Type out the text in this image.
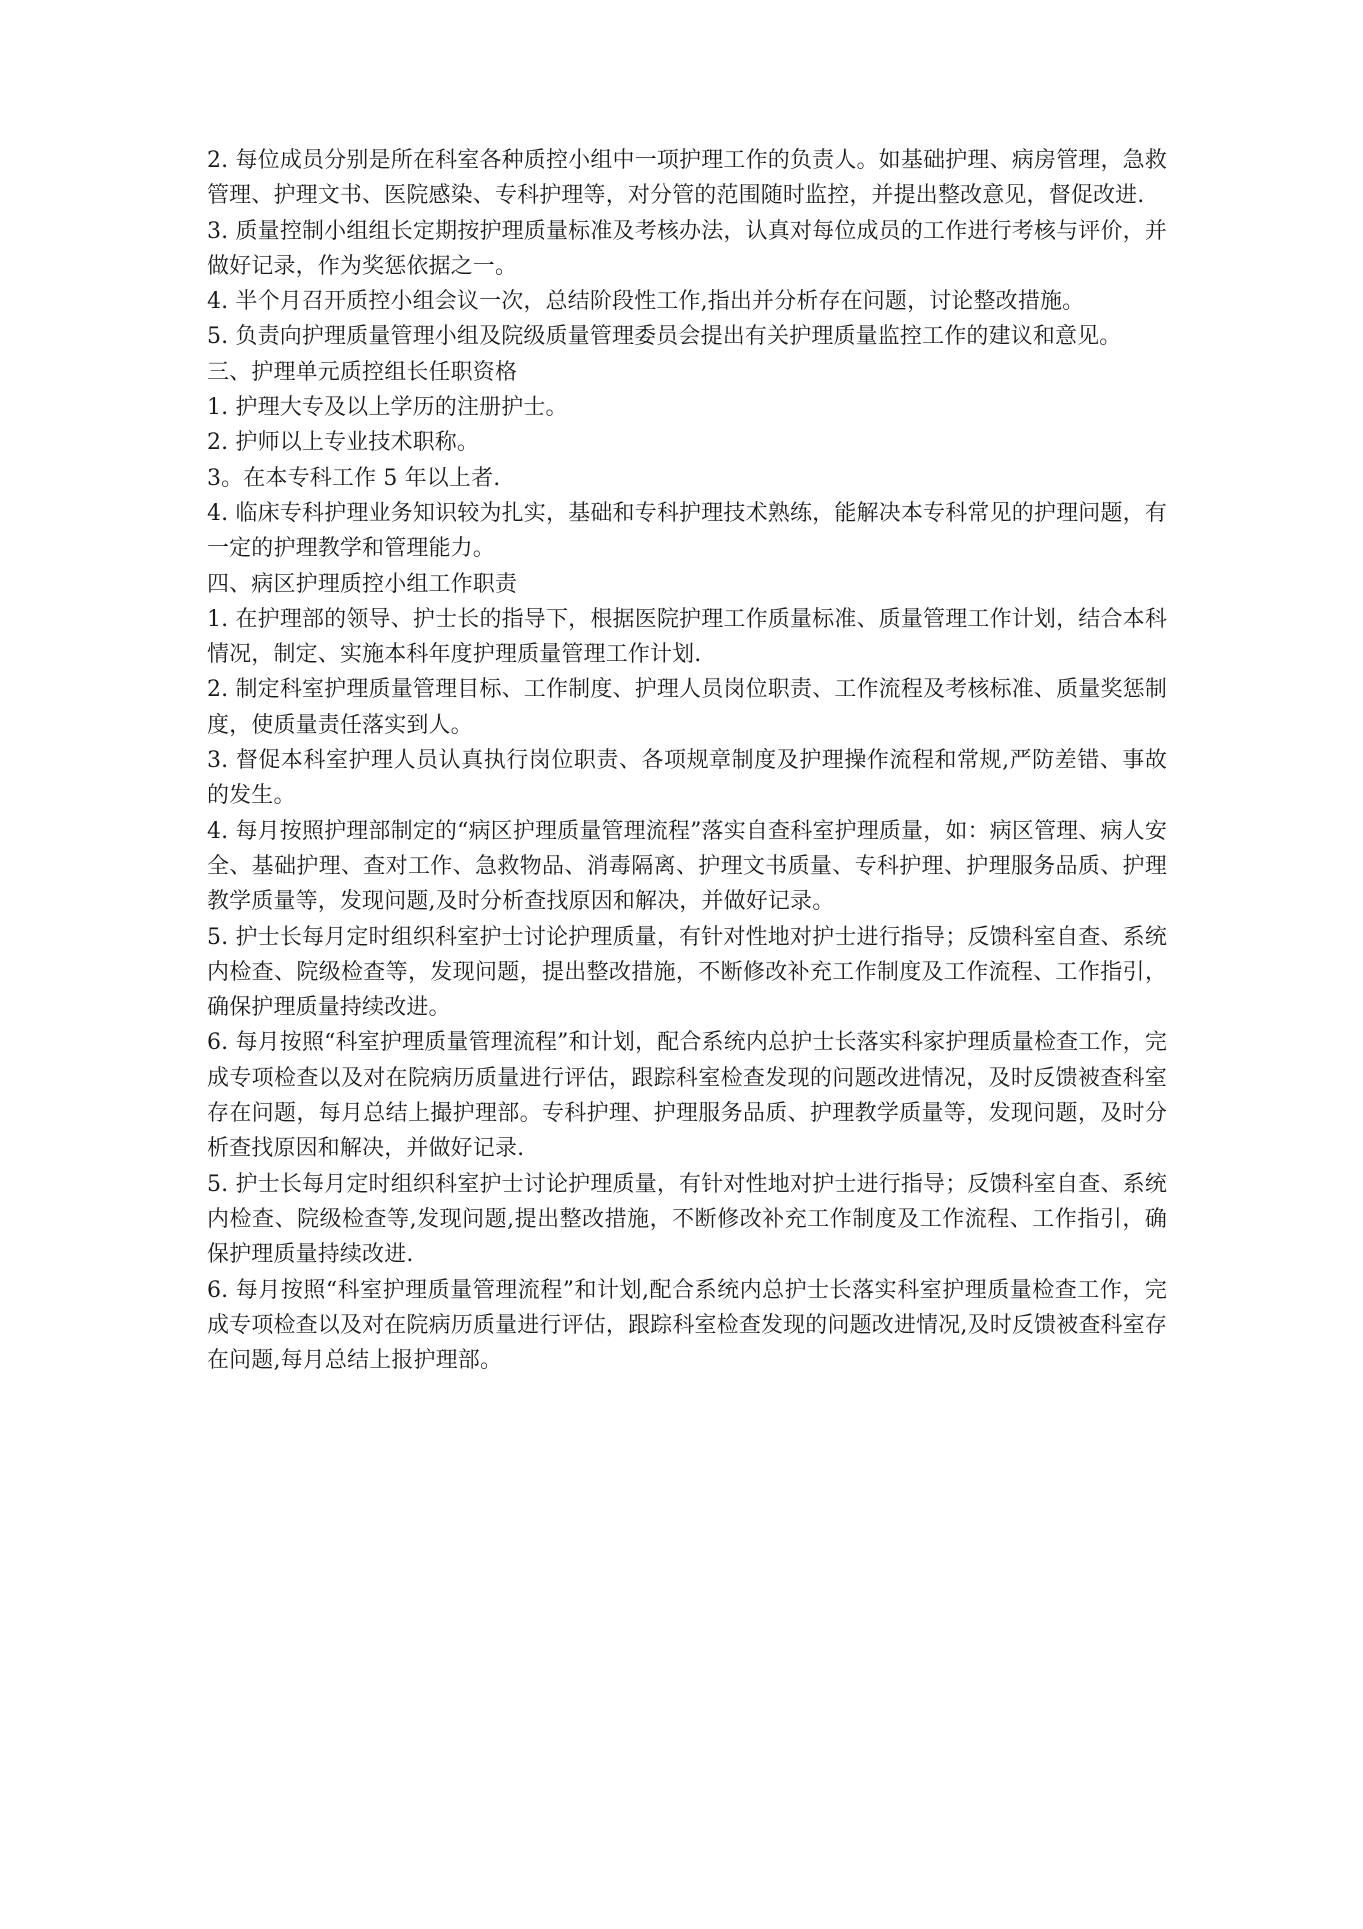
2. 每位成员分别是所在科室各种质控小组中一项护理工作的负责人。如基础护理、病房管理，急救管理、护理文书、医院感染、专科护理等，对分管的范围随时监控，并提出整改意见，督促改进.

3. 质量控制小组组长定期按护理质量标准及考核办法，认真对每位成员的工作进行考核与评价，并做好记录，作为奖惩依据之一。

4. 半个月召开质控小组会议一次，总结阶段性工作,指出并分析存在问题，讨论整改措施。

5. 负责向护理质量管理小组及院级质量管理委员会提出有关护理质量监控工作的建议和意见。

三、护理单元质控组长任职资格

1. 护理大专及以上学历的注册护士。

2. 护师以上专业技术职称。

3。在本专科工作 5 年以上者.

4. 临床专科护理业务知识较为扎实，基础和专科护理技术熟练，能解决本专科常见的护理问题，有一定的护理教学和管理能力。

四、病区护理质控小组工作职责

1. 在护理部的领导、护士长的指导下，根据医院护理工作质量标准、质量管理工作计划，结合本科情况，制定、实施本科年度护理质量管理工作计划.

2. 制定科室护理质量管理目标、工作制度、护理人员岗位职责、工作流程及考核标准、质量奖惩制度，使质量责任落实到人。

3. 督促本科室护理人员认真执行岗位职责、各项规章制度及护理操作流程和常规,严防差错、事故的发生。

4. 每月按照护理部制定的“病区护理质量管理流程”落实自查科室护理质量，如：病区管理、病人安全、基础护理、查对工作、急救物品、消毒隔离、护理文书质量、专科护理、护理服务品质、护理教学质量等，发现问题,及时分析查找原因和解决，并做好记录。

5. 护士长每月定时组织科室护士讨论护理质量，有针对性地对护士进行指导；反馈科室自查、系统内检查、院级检查等，发现问题，提出整改措施，不断修改补充工作制度及工作流程、工作指引，确保护理质量持续改进。

6. 每月按照“科室护理质量管理流程”和计划，配合系统内总护士长落实科家护理质量检查工作，完成专项检查以及对在院病历质量进行评估，跟踪科室检查发现的问题改进情况，及时反馈被查科室存在问题，每月总结上撮护理部。专科护理、护理服务品质、护理教学质量等，发现问题，及时分析查找原因和解决，并做好记录.

5. 护士长每月定时组织科室护士讨论护理质量，有针对性地对护士进行指导；反馈科室自查、系统内检查、院级检查等,发现问题,提出整改措施，不断修改补充工作制度及工作流程、工作指引，确保护理质量持续改进.

6. 每月按照“科室护理质量管理流程”和计划,配合系统内总护士长落实科室护理质量检查工作，完成专项检查以及对在院病历质量进行评估，跟踪科室检查发现的问题改进情况,及时反馈被查科室存在问题,每月总结上报护理部。
